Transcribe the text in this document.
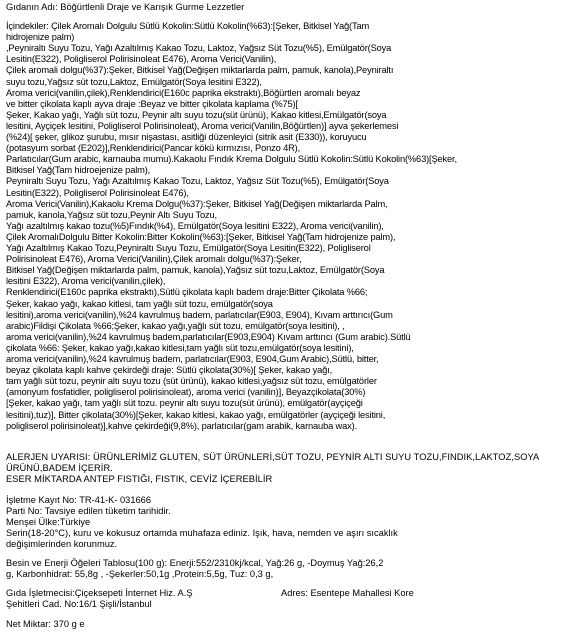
Gıdanın Adı: Böğürtlenli Draje ve Karışık Gurme Lezzetler
İçindekiler: Çilek Aromalı Dolgulu Sütlü Kokolin:Sütlü Kokolin(%63):[Şeker, Bitkisel Yağ(Tam
hidrojenize palm)
,Peyniraltı Suyu Tozu, Yağı Azaltılmış Kakao Tozu, Laktoz, Yağsız Süt Tozu(%5), Emülgatör(Soya
Lesitin(E322), Poligliserol Polirisinoleat E476), Aroma Verici(Vanilin),
Çilek aromali dolgu(%37):Şeker, Bitkisel Yağ(Değişen miktarlarda palm, pamuk, kanola),Peyniraltı
suyu tozu,Yağsız süt tozu,Laktoz, Emülgatör(Soya lesitini E322),
Aroma verici(vanilin,çilek),Renklendirici(E160c paprika ekstraktı),Böğürtlen aromalı beyaz
ve bitter çikolata kaplı ayva draje :Beyaz ve bitter çikolata kaplama (%75)[
Şeker, Kakao yağı, Yağlı süt tozu, Peynir altı suyu tozu(süt ürünü), Kakao kitlesi,Emülgatör(soya
lesitini, Ayçiçek lesitini, Poligliserol Polirisinoleat), Aroma verici(Vanilin,Böğürtlen)] ayva şekerlemesi
(%24)[ şeker, glikoz şurubu, mısır nişastası, asitliği düzenleyici (sitrik asit (E330)), koruyucu
(potasyum sorbat (E202)],Renklendirici(Pancar kökü kırmızısı, Ponzo 4R),
Parlatıcılar(Gum arabic, karnauba mumu).Kakaolu Fındık Krema Dolgulu Sütlü Kokolin:Sütlü Kokolin(%63)[Şeker,
Bitkisel Yağ(Tam hidroejenize palm),
Peyniraltı Suyu Tozu, Yağı Azaltılmış Kakao Tozu, Laktoz, Yağsız Süt Tozu(%5), Emülgatör(Soya
Lesitin(E322), Poligliserol Polirisinoleat E476),
Aroma Verici(Vanilin),Kakaolu Krema Dolgu(%37):Şeker, Bitkisel Yağ(Değişen miktarlarda Palm,
pamuk, kanola,Yağsız süt tozu,Peynir Altı Suyu Tozu,
Yağı azaltılmış kakao tozu(%5)Fındık(%4), Emülgatör(Soya lesitini E322), Aroma verici(vanilin),
Çilek AromalıDolgulu Bitter Kokolin:Bitter Kokolin(%63):[Şeker, Bitkisel Yağ(Tam hidrojenize palm),
Yağı Azaltılmış Kakao Tozu,Peyniraltı Suyu Tozu, Emülgatör(Soya Lesitin(E322), Poligliserol
Polirisinoleat E476), Aroma Verici(Vanilin),Çilek aromalı dolgu(%37):Şeker,
Bitkisel Yağ(Değişen miktarlarda palm, pamuk, kanola),Yağsız süt tozu,Laktoz, Emülgatör(Soya
lesitini E322), Aroma verici(vanilin,çilek),
Renklendirici(E160c paprika ekstraktı),Sütlü çikolata kaplı badem draje:Bitter Çikolata %66;
Şeker, kakao yağı, kakao kitlesi, tam yağlı süt tozu, emülgatör(soya
lesitini),aroma verici(vanilin),%24 kavrulmuş badem, parlatıcılar(E903, E904), Kıvam arttırıcı(Gum
arabic)Fildişi Çikolata %66;Şeker, kakao yağı,yağlı süt tozu, emülgatör(soya lesitini), ,
aroma verici(vanilin),%24 kavrulmuş badem,parlatıcılar(E903,E904) Kıvam arttırıcı (Gum arabic).Sütlü
çikolata %66: Şeker, kakao yağı,kakao kitlesi,tam yağlı süt tozu,emülgatör(soya lesitini),
aroma verici(vanilin),%24 kavrulmuş badem, parlatıcılar(E903, E904,Gum Arabic),Sütlü, bitter,
beyaz çikolata kaplı kahve çekirdeği draje: Sütlü çikolata(30%)[ Şeker, kakao yağı,
tam yağlı süt tozu, peynir altı suyu tozu (süt ürünü), kakao kitlesi,yağsız süt tozu, emülgatörler
(amonyum fosfatidler, poligliserol polirisinoleat), aroma verici (vanilin)], Beyazçikolata(30%)
[Şeker, kakao yağı, tam yağlı süt tozu. peynir altı suyu tozu(süt ürünü), emülgatör(ayçiçeği
lesitini),tuz)], Bitter çikolata(30%)[Şeker, kakao kitlesi, kakao yağı, emülgatörler (ayçiçeği lesitini,
poligliserol polirisinoleat)],kahve çekirdeği(9,8%), parlatıcılar(gam arabik, karnauba wax).
ALERJEN UYARISI: ÜRÜNLERİMİZ GLUTEN, SÜT ÜRÜNLERİ,SÜT TOZU, PEYNİR ALTI SUYU TOZU,FINDIK,LAKTOZ,SOYA
ÜRÜNÜ,BADEM İÇERİR.
ESER MİKTARDA ANTEP FISTIĞI, FISTIK, CEVİZ İÇEREBİLİR
İşletme Kayıt No: TR-41-K- 031666
Parti No: Tavsiye edilen tüketim tarihidir.
Menşei Ülke:Türkiye
Serin(18-20°C), kuru ve kokusuz ortamda muhafaza ediniz. Işık, hava, nemden ve aşırı sıcaklık
değişimlerinden korunmuz.
Besin ve Enerji Öğeleri Tablosu(100 g): Enerji:552/2310kj/kcal, Yağ:26 g, -Doymuş Yağ:26,2
g, Karbonhidrat: 55,8g , -Şekerler:50,1g ,Protein:5,5g, Tuz: 0,3 g,
Gıda İşletmecisi:Çiçeksepeti İnternet Hiz. A.Ş	Adres: Esentepe Mahallesi Kore
Şehitleri Cad. No:16/1 Şişli/İstanbul
Net Miktar: 370 g e
